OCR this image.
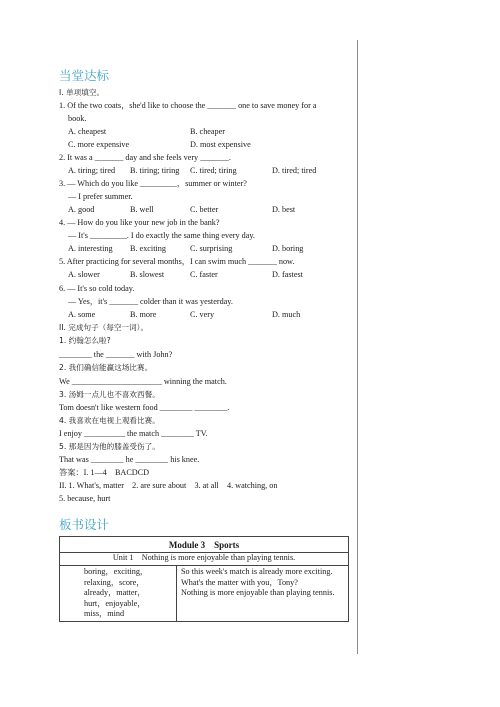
当堂达标
I. 单项填空。
1. Of the two coats，she'd like to choose the _______ one to save money for a
book.
A. cheapest	B. cheaper
C. more expensive	D. most expensive
2. It was a _______ day and she feels very _______.
A. tiring; tired B. tiring; tiring C. tired; tiring	D. tired; tired
3. — Which do you like _________，summer or winter?
— I prefer summer.
A. good	B. well	C. better	D. best
4. — How do you like your new job in the bank?
— It's _________. I do exactly the same thing every day.
A. interesting B. exciting	C. surprising	D. boring
5. After practicing for several months，I can swim much _______ now.
A. slower	B. slowest	C. faster	D. fastest
6. — It's so cold today.
— Yes，it's _______ colder than it was yesterday.
A. some	B. more	C. very	D. much
II. 完成句子（每空一词）。
1. 约翰怎么啦?
________ the _______ with John?
2. 我们确信能赢这场比赛。
We ______________________ winning the match.
3. 汤姆一点儿也不喜欢西餐。
Tom doesn't like western food ________ ________.
4. 我喜欢在电视上观看比赛。
I enjoy __________ the match ________ TV.
5. 那是因为他的膝盖受伤了。
That was ________ he ________ his knee.
答案：I. 1—4　BACDCD
II. 1. What's, matter　2. are sure about　3. at all　4. watching, on
5. because, hurt
板书设计
Module 3　Sports
Unit 1　Nothing is more enjoyable than playing tennis.

boring，exciting，
relaxing，score，
already，matter，
hurt，enjoyable，
miss，mind

So this week's match is already more exciting.
What's the matter with you，Tony?
Nothing is more enjoyable than playing tennis.
